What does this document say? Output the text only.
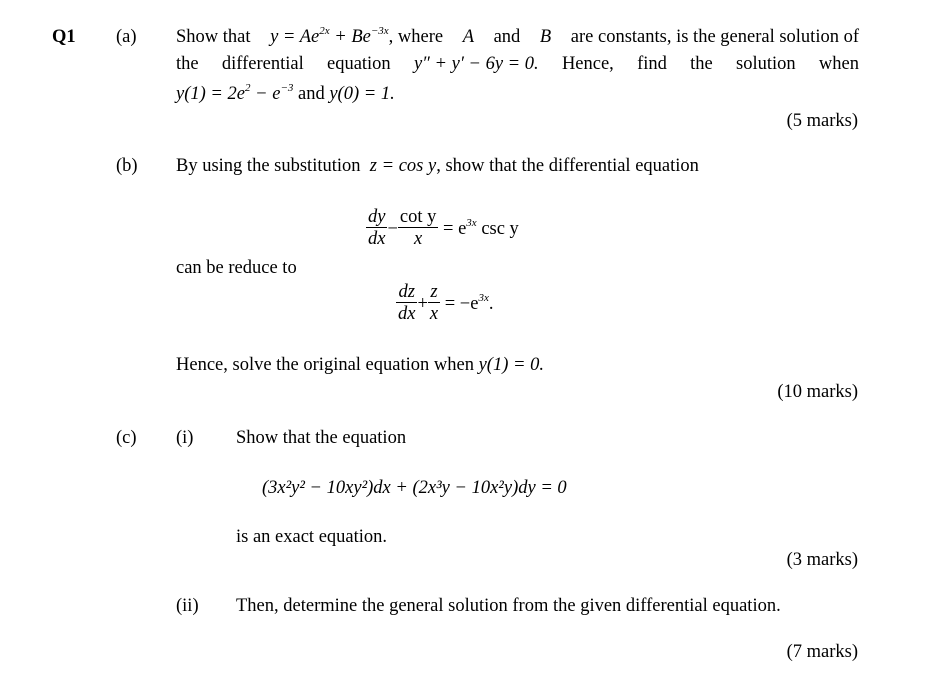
Q1 (a) Show that $y = Ae^{2x} + Be^{-3x}$, where A and B are constants, is the general solution of
the differential equation y″ + y′ − 6y = 0. Hence, find the solution when
$y(1) = 2e^2 - e^{-3}$ and y(0) = 1.
(5 marks)
(b) By using the substitution z = cos y, show that the differential equation
$\frac{dy}{dx} - \frac{\text{cot y}}{x} = e^{3x}$ csc y
can be reduce to
$\frac{dz}{dx} + \frac{z}{x} = -e^{3x}$.
Hence, solve the original equation when y(1) = 0.
(10 marks)
(c) (i) Show that the equation
(3x²y² − 10xy²)dx + (2x³y − 10x²y)dy = 0
is an exact equation.
(3 marks)
(ii) Then, determine the general solution from the given differential equation.
(7 marks)
